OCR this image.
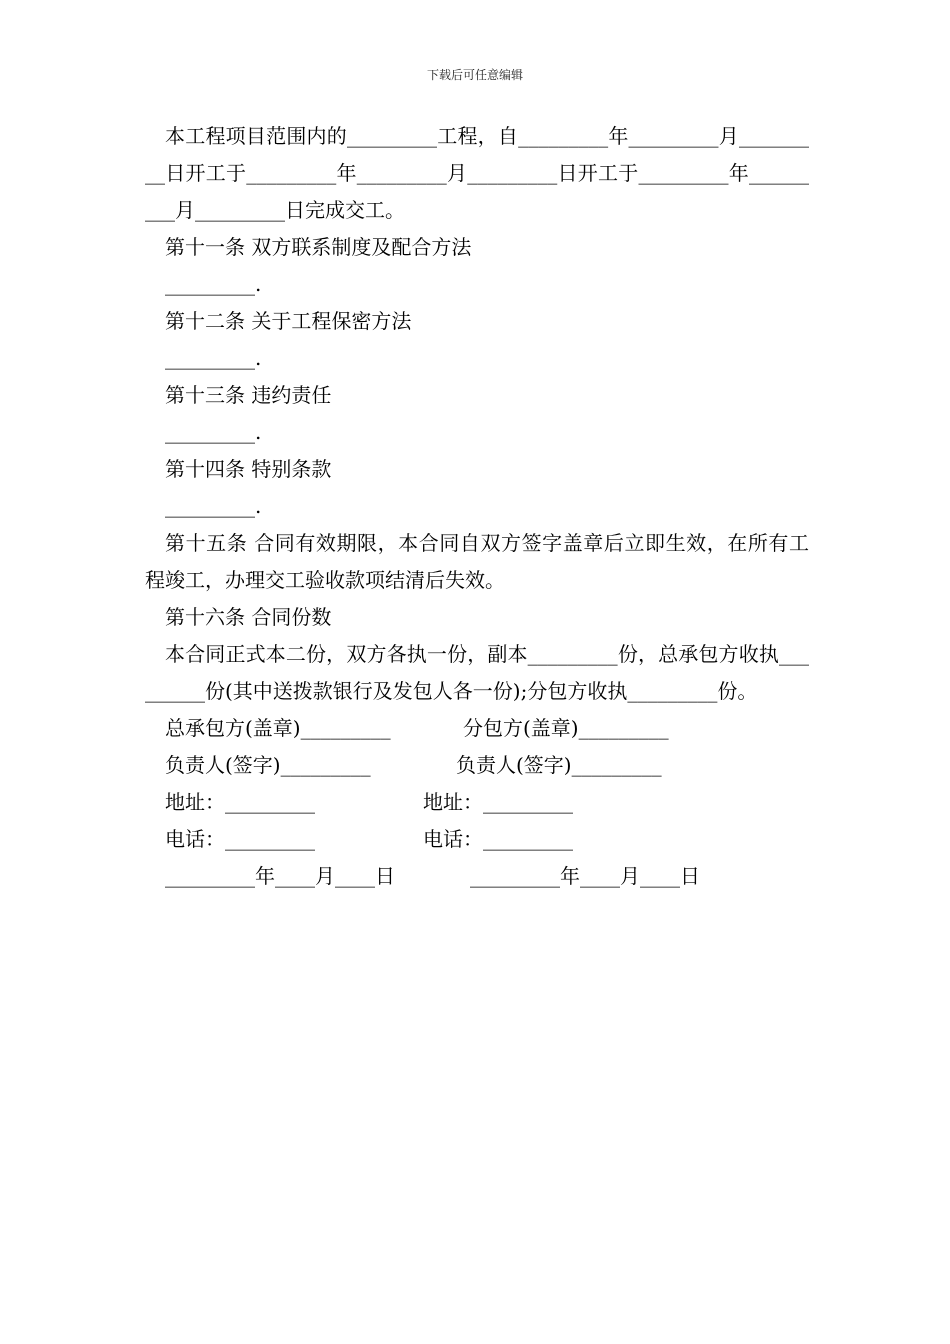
下载后可任意编辑

本工程项目范围内的_________工程，自_________年_________月_________日开工于_________年_________月_________日开工于_________年_________月_________日完成交工。

第十一条 双方联系制度及配合方法

_________.

第十二条 关于工程保密方法

_________.

第十三条 违约责任

_________.

第十四条 特别条款

_________.

第十五条 合同有效期限，本合同自双方签字盖章后立即生效，在所有工程竣工，办理交工验收款项结清后失效。

第十六条 合同份数

本合同正式本二份，双方各执一份，副本_________份，总承包方收执_________份(其中送拨款银行及发包人各一份);分包方收执_________份。

总承包方(盖章)_________	分包方(盖章)_________
负责人(签字)_________	负责人(签字)_________
地址：_________	地址：_________
电话：_________	电话：_________
_________年____月____日	_________年____月____日
